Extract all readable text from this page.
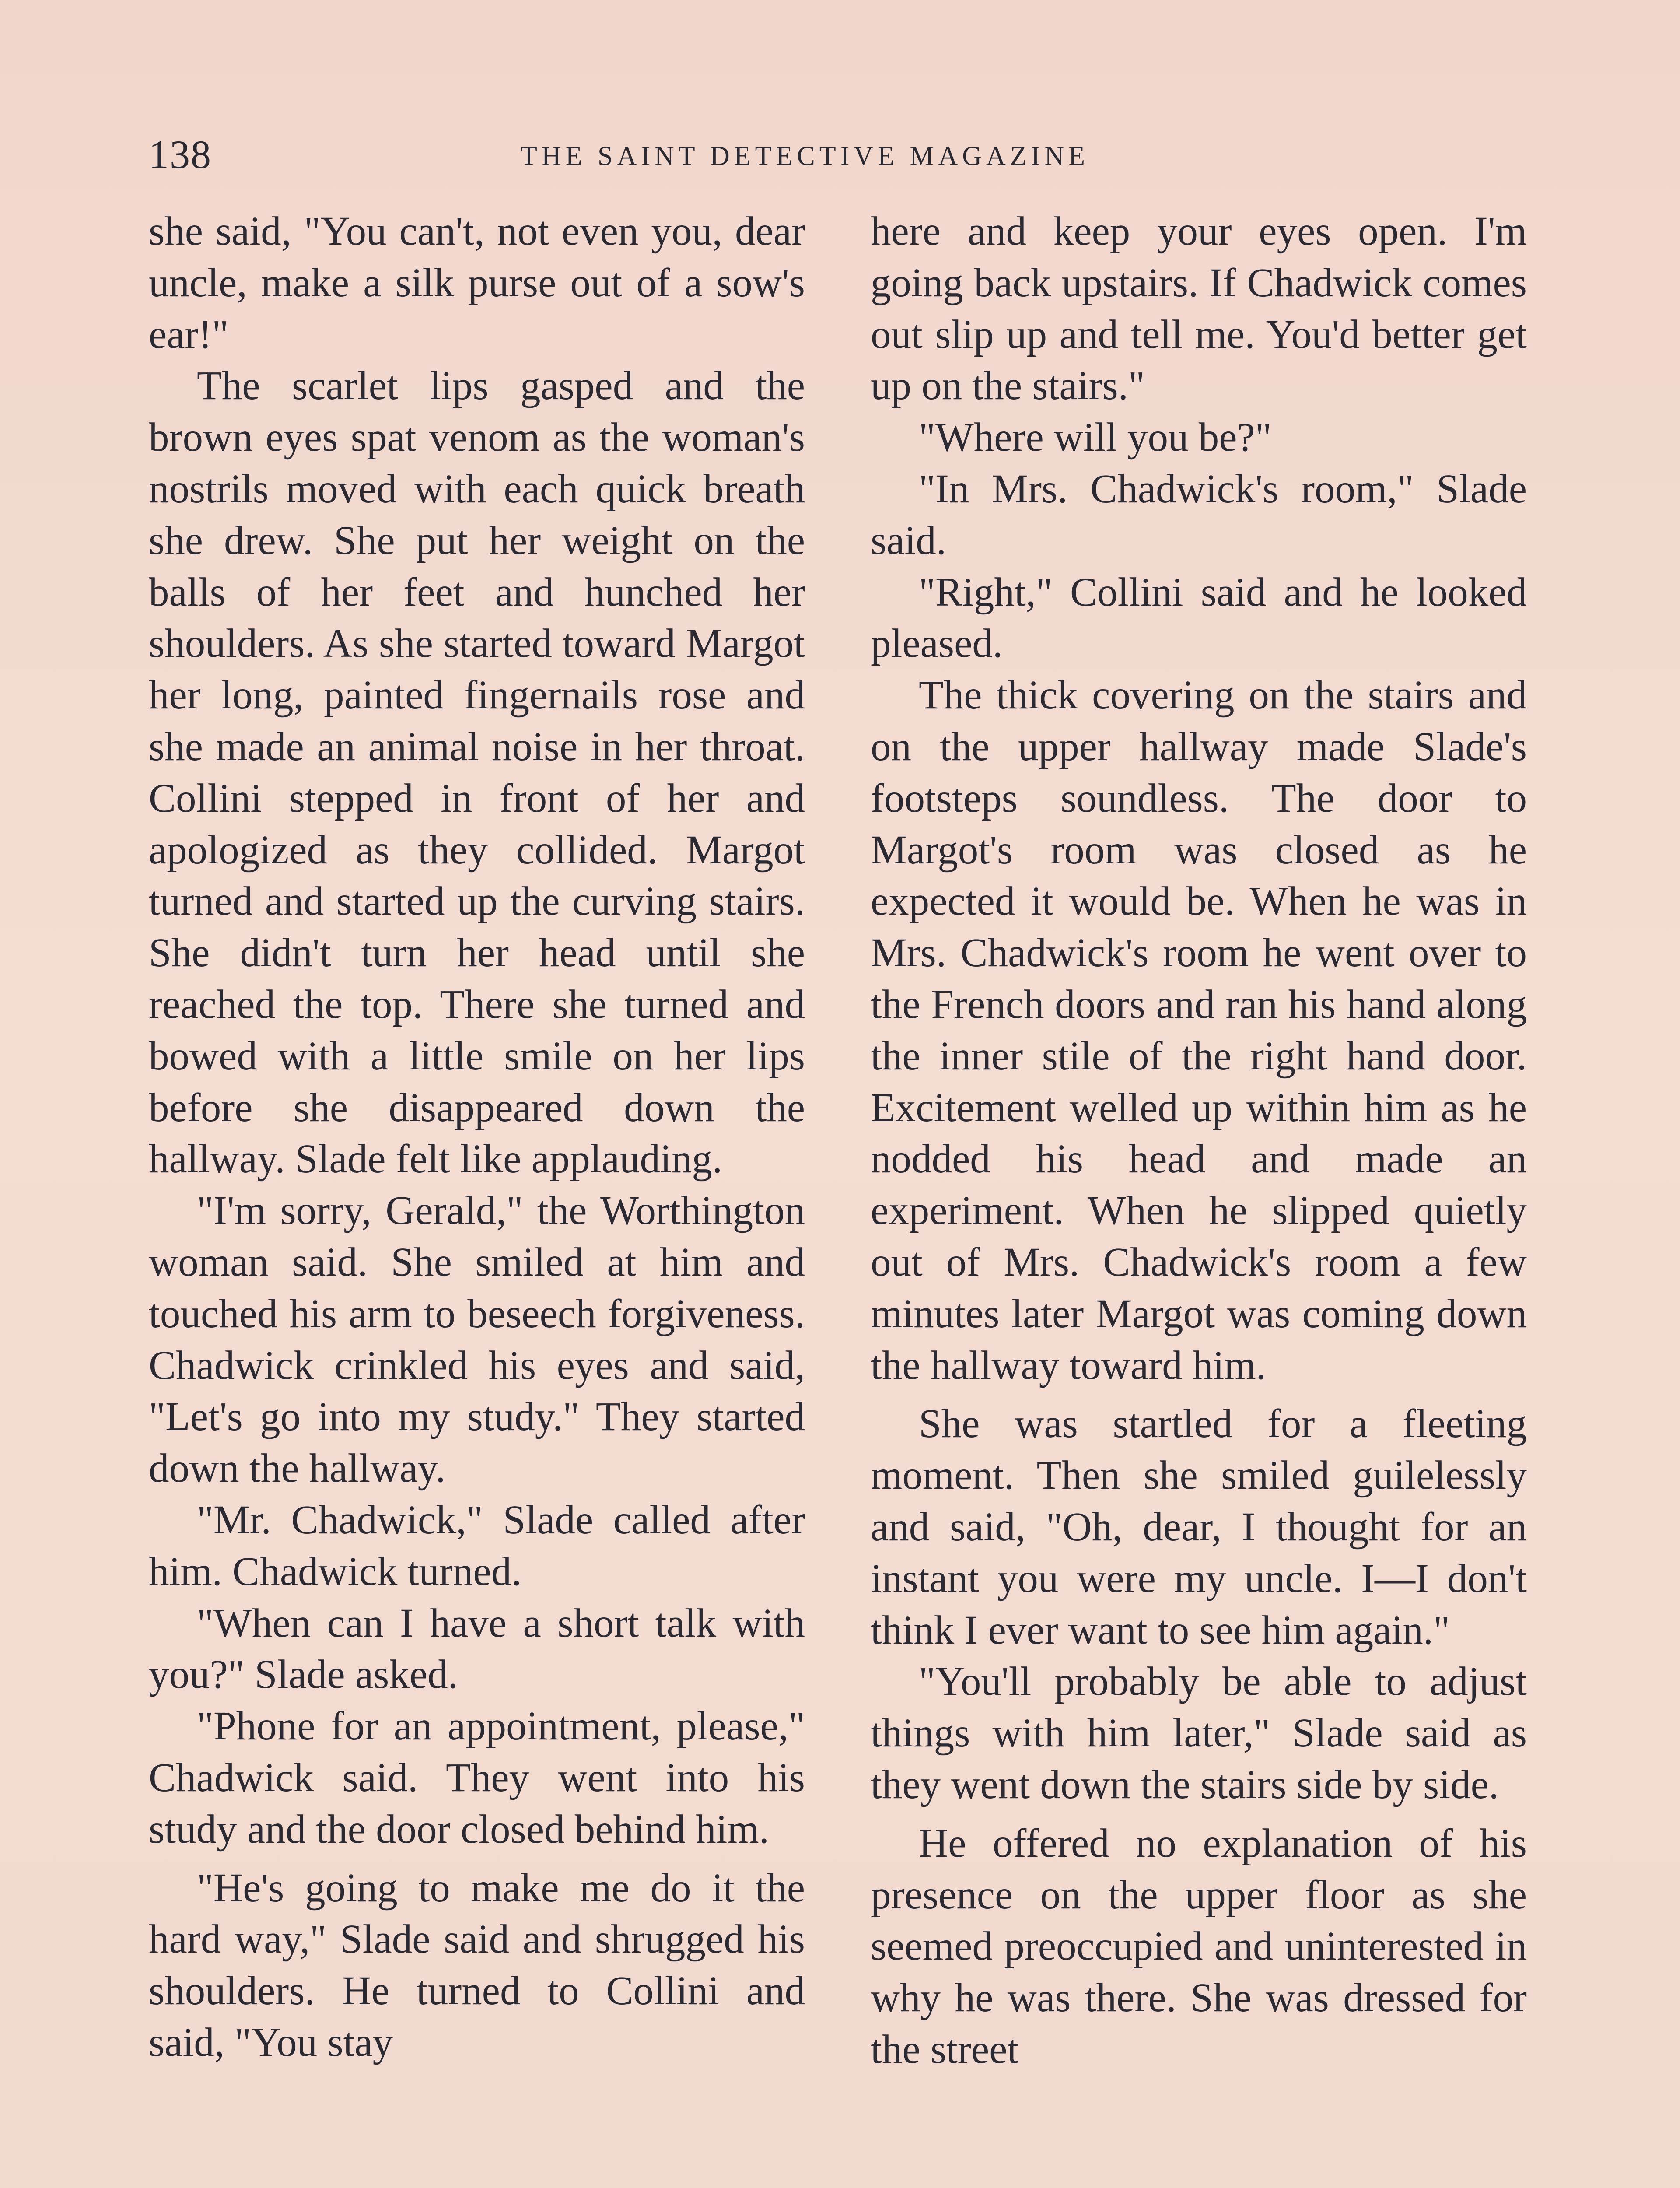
138	THE SAINT DETECTIVE MAGAZINE

she said, "You can't, not even you, dear uncle, make a silk purse out of a sow's ear!"

The scarlet lips gasped and the brown eyes spat venom as the woman's nostrils moved with each quick breath she drew. She put her weight on the balls of her feet and hunched her shoulders. As she started toward Margot her long, painted fingernails rose and she made an animal noise in her throat. Collini stepped in front of her and apologized as they collided. Margot turned and started up the curving stairs. She didn't turn her head until she reached the top. There she turned and bowed with a little smile on her lips before she disappeared down the hallway. Slade felt like applauding.

"I'm sorry, Gerald," the Worthington woman said. She smiled at him and touched his arm to beseech forgiveness. Chadwick crinkled his eyes and said, "Let's go into my study." They started down the hallway.

"Mr. Chadwick," Slade called after him. Chadwick turned.

"When can I have a short talk with you?" Slade asked.

"Phone for an appointment, please," Chadwick said. They went into his study and the door closed behind him.

"He's going to make me do it the hard way," Slade said and shrugged his shoulders. He turned to Collini and said, "You stay

here and keep your eyes open. I'm going back upstairs. If Chadwick comes out slip up and tell me. You'd better get up on the stairs."

"Where will you be?"

"In Mrs. Chadwick's room," Slade said.

"Right," Collini said and he looked pleased.

The thick covering on the stairs and on the upper hallway made Slade's footsteps soundless. The door to Margot's room was closed as he expected it would be. When he was in Mrs. Chadwick's room he went over to the French doors and ran his hand along the inner stile of the right hand door. Excitement welled up within him as he nodded his head and made an experiment. When he slipped quietly out of Mrs. Chadwick's room a few minutes later Margot was coming down the hallway toward him.

She was startled for a fleeting moment. Then she smiled guilelessly and said, "Oh, dear, I thought for an instant you were my uncle. I—I don't think I ever want to see him again."

"You'll probably be able to adjust things with him later," Slade said as they went down the stairs side by side.

He offered no explanation of his presence on the upper floor as she seemed preoccupied and uninterested in why he was there. She was dressed for the street
